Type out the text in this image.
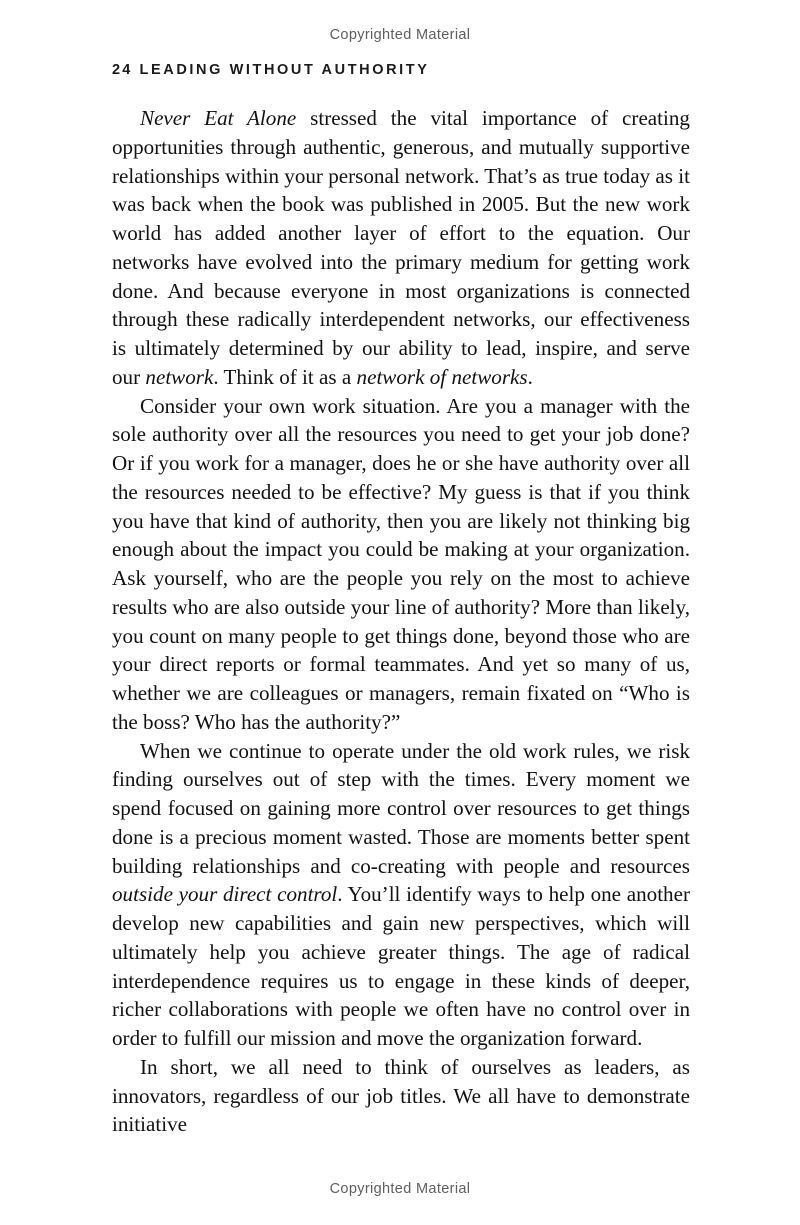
Copyrighted Material
24 LEADING WITHOUT AUTHORITY

Never Eat Alone stressed the vital importance of creating opportunities through authentic, generous, and mutually supportive relationships within your personal network. That’s as true today as it was back when the book was published in 2005. But the new work world has added another layer of effort to the equation. Our networks have evolved into the primary medium for getting work done. And because everyone in most organizations is connected through these radically interdependent networks, our effectiveness is ultimately determined by our ability to lead, inspire, and serve our network. Think of it as a network of networks.

Consider your own work situation. Are you a manager with the sole authority over all the resources you need to get your job done? Or if you work for a manager, does he or she have authority over all the resources needed to be effective? My guess is that if you think you have that kind of authority, then you are likely not thinking big enough about the impact you could be making at your organization. Ask yourself, who are the people you rely on the most to achieve results who are also outside your line of authority? More than likely, you count on many people to get things done, beyond those who are your direct reports or formal teammates. And yet so many of us, whether we are colleagues or managers, remain fixated on “Who is the boss? Who has the authority?”

When we continue to operate under the old work rules, we risk finding ourselves out of step with the times. Every moment we spend focused on gaining more control over resources to get things done is a precious moment wasted. Those are moments better spent building relationships and co-creating with people and resources outside your direct control. You’ll identify ways to help one another develop new capabilities and gain new perspectives, which will ultimately help you achieve greater things. The age of radical interdependence requires us to engage in these kinds of deeper, richer collaborations with people we often have no control over in order to fulfill our mission and move the organization forward.

In short, we all need to think of ourselves as leaders, as innovators, regardless of our job titles. We all have to demonstrate initiative

Copyrighted Material
